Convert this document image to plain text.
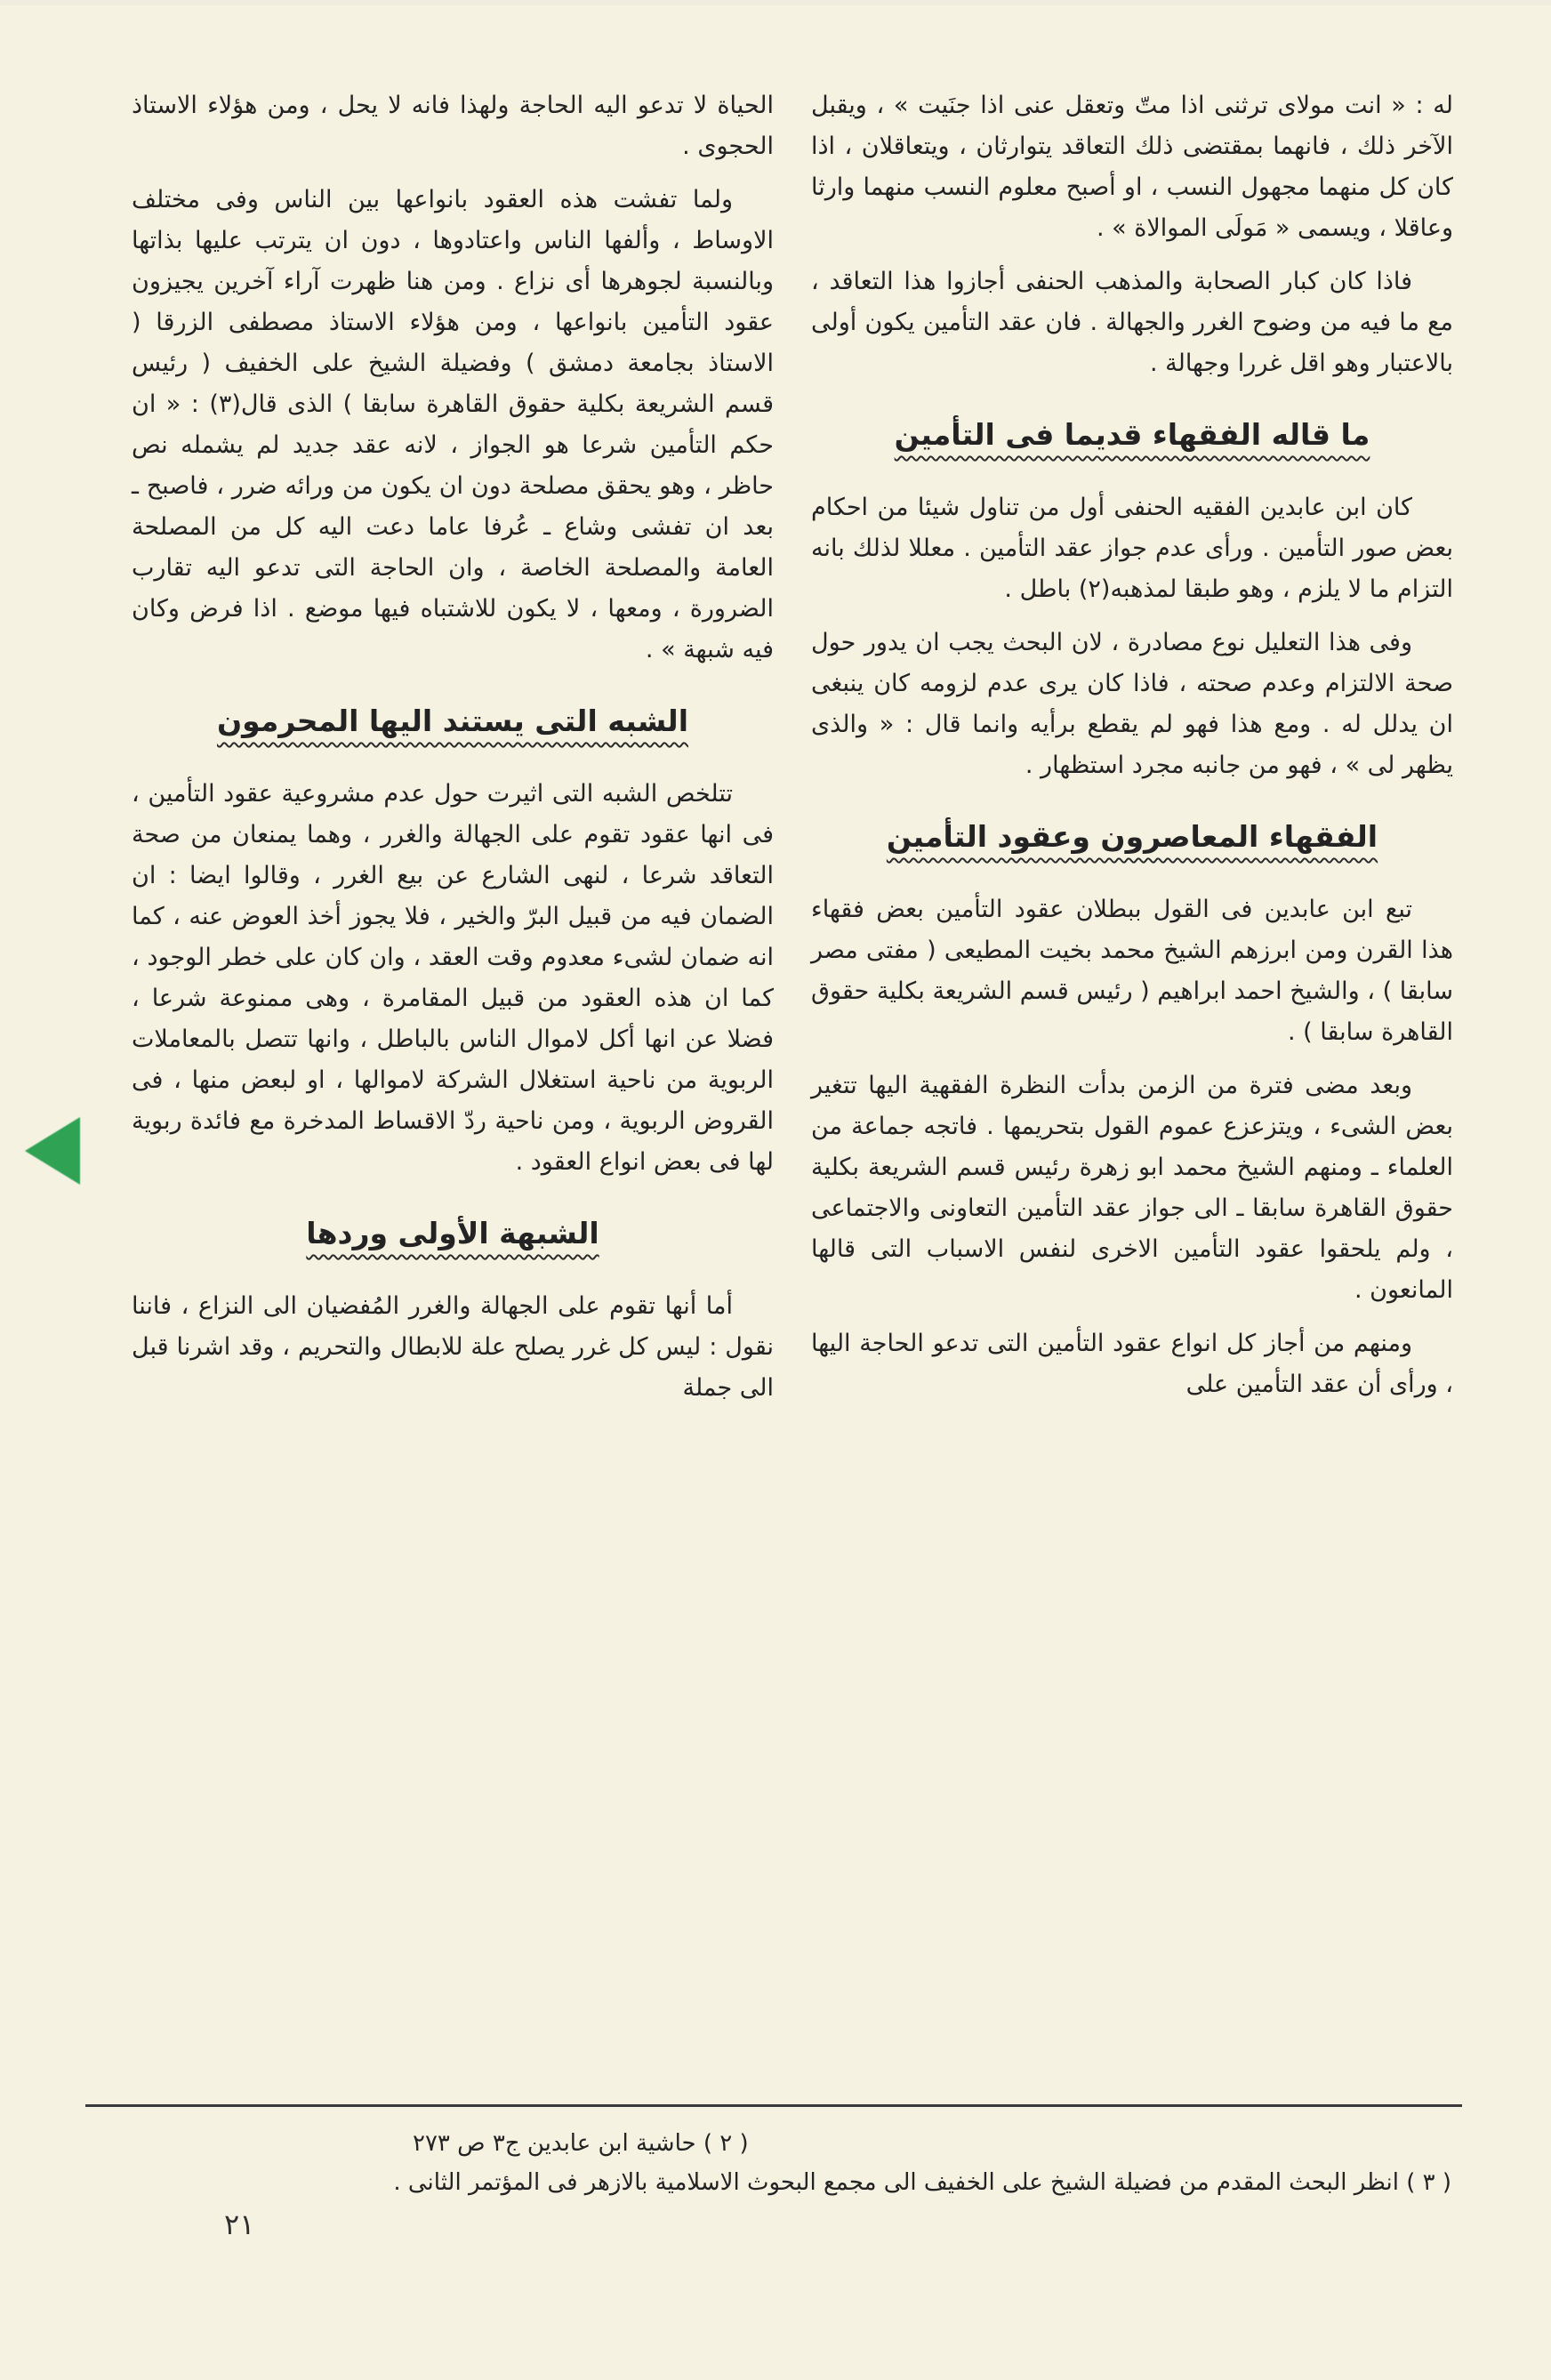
له : « انت مولاى ترثنى اذا متّ وتعقل عنى اذا جنَيت » ، ويقبل الآخر ذلك ، فانهما بمقتضى ذلك التعاقد يتوارثان ، ويتعاقلان ، اذا كان كل منهما مجهول النسب ، او أصبح معلوم النسب منهما وارثا وعاقلا ، ويسمى « مَولَى الموالاة » .

فاذا كان كبار الصحابة والمذهب الحنفى أجازوا هذا التعاقد ، مع ما فيه من وضوح الغرر والجهالة . فان عقد التأمين يكون أولى بالاعتبار وهو اقل غررا وجهالة .

ما قاله الفقهاء قديما فى التأمين

كان ابن عابدين الفقيه الحنفى أول من تناول شيئا من احكام بعض صور التأمين . ورأى عدم جواز عقد التأمين . معللا لذلك بانه التزام ما لا يلزم ، وهو طبقا لمذهبه(٢) باطل .

وفى هذا التعليل نوع مصادرة ، لان البحث يجب ان يدور حول صحة الالتزام وعدم صحته ، فاذا كان يرى عدم لزومه كان ينبغى ان يدلل له . ومع هذا فهو لم يقطع برأيه وانما قال : « والذى يظهر لى » ، فهو من جانبه مجرد استظهار .

الفقهاء المعاصرون وعقود التأمين

تبع ابن عابدين فى القول ببطلان عقود التأمين بعض فقهاء هذا القرن ومن ابرزهم الشيخ محمد بخيت المطيعى ( مفتى مصر سابقا ) ، والشيخ احمد ابراهيم ( رئيس قسم الشريعة بكلية حقوق القاهرة سابقا ) .

وبعد مضى فترة من الزمن بدأت النظرة الفقهية اليها تتغير بعض الشىء ، ويتزعزع عموم القول بتحريمها . فاتجه جماعة من العلماء ـ ومنهم الشيخ محمد ابو زهرة رئيس قسم الشريعة بكلية حقوق القاهرة سابقا ـ الى جواز عقد التأمين التعاونى والاجتماعى ، ولم يلحقوا عقود التأمين الاخرى لنفس الاسباب التى قالها المانعون .

ومنهم من أجاز كل انواع عقود التأمين التى تدعو الحاجة اليها ، ورأى أن عقد التأمين على

الحياة لا تدعو اليه الحاجة ولهذا فانه لا يحل ، ومن هؤلاء الاستاذ الحجوى .

ولما تفشت هذه العقود بانواعها بين الناس وفى مختلف الاوساط ، وألفها الناس واعتادوها ، دون ان يترتب عليها بذاتها وبالنسبة لجوهرها أى نزاع . ومن هنا ظهرت آراء آخرين يجيزون عقود التأمين بانواعها ، ومن هؤلاء الاستاذ مصطفى الزرقا ( الاستاذ بجامعة دمشق ) وفضيلة الشيخ على الخفيف ( رئيس قسم الشريعة بكلية حقوق القاهرة سابقا ) الذى قال(٣) : « ان حكم التأمين شرعا هو الجواز ، لانه عقد جديد لم يشمله نص حاظر ، وهو يحقق مصلحة دون ان يكون من ورائه ضرر ، فاصبح ـ بعد ان تفشى وشاع ـ عُرفا عاما دعت اليه كل من المصلحة العامة والمصلحة الخاصة ، وان الحاجة التى تدعو اليه تقارب الضرورة ، ومعها ، لا يكون للاشتباه فيها موضع . اذا فرض وكان فيه شبهة » .

الشبه التى يستند اليها المحرمون

تتلخص الشبه التى اثيرت حول عدم مشروعية عقود التأمين ، فى انها عقود تقوم على الجهالة والغرر ، وهما يمنعان من صحة التعاقد شرعا ، لنهى الشارع عن بيع الغرر ، وقالوا ايضا : ان الضمان فيه من قبيل البرّ والخير ، فلا يجوز أخذ العوض عنه ، كما انه ضمان لشىء معدوم وقت العقد ، وان كان على خطر الوجود ، كما ان هذه العقود من قبيل المقامرة ، وهى ممنوعة شرعا ، فضلا عن انها أكل لاموال الناس بالباطل ، وانها تتصل بالمعاملات الربوية من ناحية استغلال الشركة لاموالها ، او لبعض منها ، فى القروض الربوية ، ومن ناحية ردّ الاقساط المدخرة مع فائدة ربوية لها فى بعض انواع العقود .

الشبهة الأولى وردها

أما أنها تقوم على الجهالة والغرر المُفضيان الى النزاع ، فاننا نقول : ليس كل غرر يصلح علة للابطال والتحريم ، وقد اشرنا قبل الى جملة

( ٢ ) حاشية ابن عابدين ج٣ ص ٢٧٣

( ٣ ) انظر البحث المقدم من فضيلة الشيخ على الخفيف الى مجمع البحوث الاسلامية بالازهر فى المؤتمر الثانى .

٢١
